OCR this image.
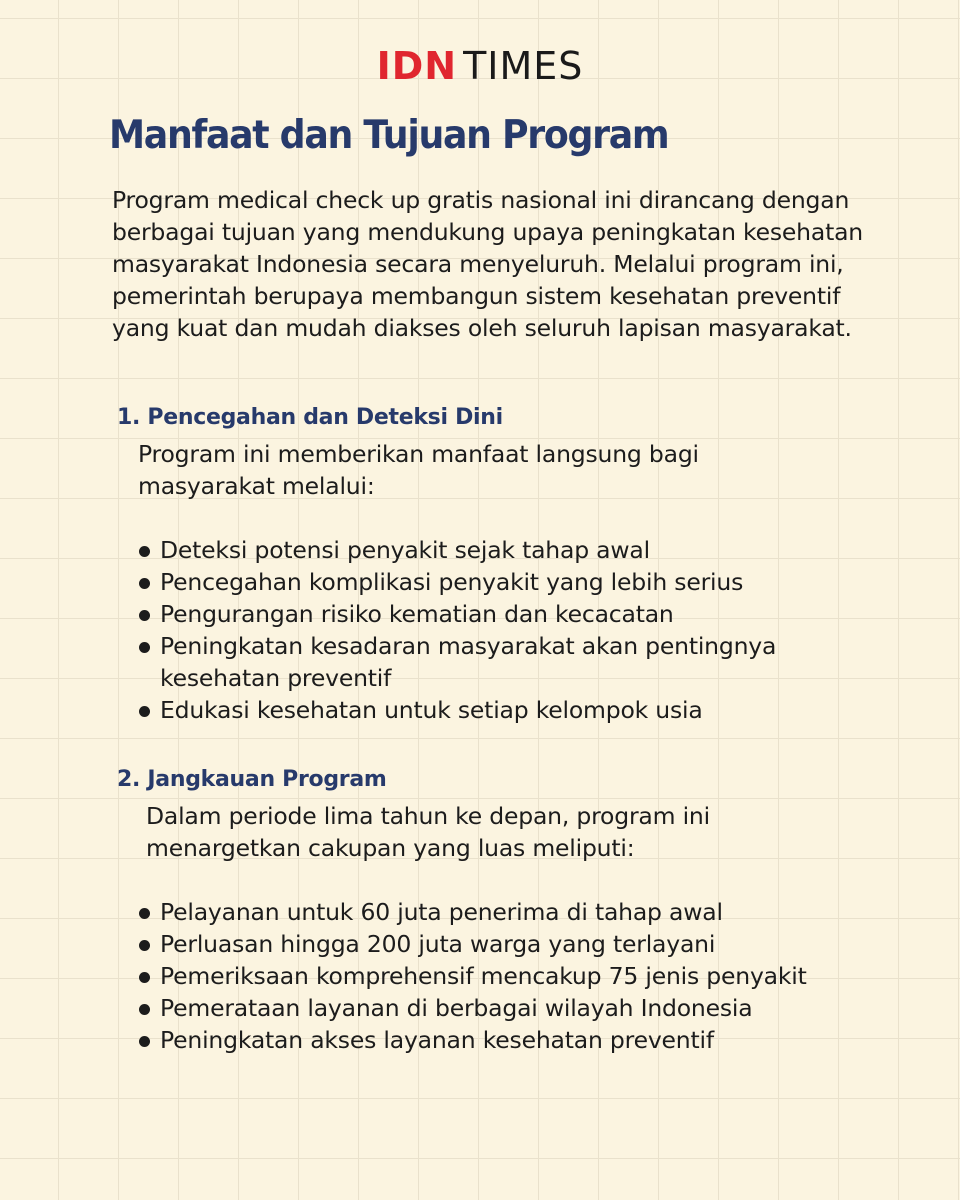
IDN TIMES
Manfaat dan Tujuan Program

Program medical check up gratis nasional ini dirancang dengan berbagai tujuan yang mendukung upaya peningkatan kesehatan masyarakat Indonesia secara menyeluruh. Melalui program ini, pemerintah berupaya membangun sistem kesehatan preventif yang kuat dan mudah diakses oleh seluruh lapisan masyarakat.

1. Pencegahan dan Deteksi Dini

Program ini memberikan manfaat langsung bagi masyarakat melalui:

Deteksi potensi penyakit sejak tahap awal
Pencegahan komplikasi penyakit yang lebih serius
Pengurangan risiko kematian dan kecacatan
Peningkatan kesadaran masyarakat akan pentingnya kesehatan preventif
Edukasi kesehatan untuk setiap kelompok usia
2. Jangkauan Program

Dalam periode lima tahun ke depan, program ini menargetkan cakupan yang luas meliputi:

Pelayanan untuk 60 juta penerima di tahap awal
Perluasan hingga 200 juta warga yang terlayani
Pemeriksaan komprehensif mencakup 75 jenis penyakit
Pemerataan layanan di berbagai wilayah Indonesia
Peningkatan akses layanan kesehatan preventif
